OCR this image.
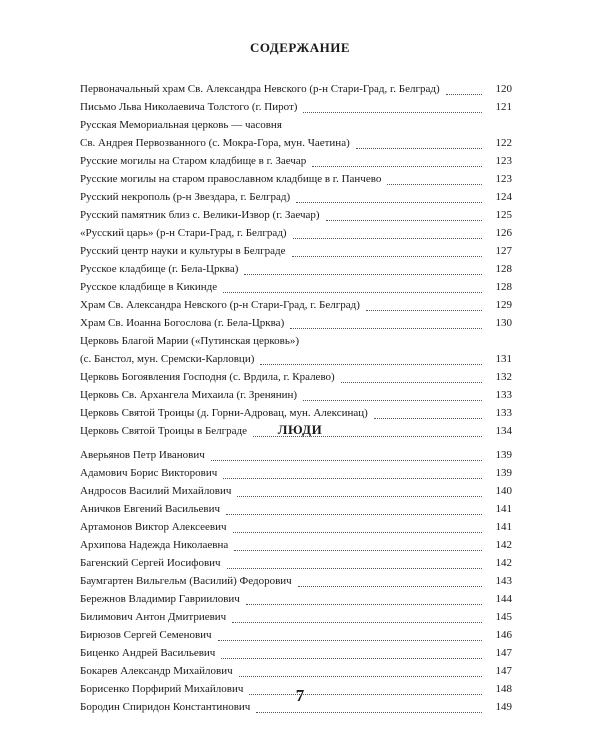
СОДЕРЖАНИЕ
Первоначальный храм Св. Александра Невского (р-н Стари-Град, г. Белград)	120
Письмо Льва Николаевича Толстого (г. Пирот)	121
Русская Мемориальная церковь — часовня
Св. Андрея Первозванного (с. Мокра-Гора, мун. Чаетина)	122
Русские могилы на Старом кладбище в г. Заечар	123
Русские могилы на старом православном кладбище в г. Панчево	123
Русский некрополь (р-н Звездара, г. Белград)	124
Русский памятник близ с. Велики-Извор (г. Заечар)	125
«Русский царь» (р-н Стари-Град, г. Белград)	126
Русский центр науки и культуры в Белграде	127
Русское кладбище (г. Бела-Црква)	128
Русское кладбище в Кикинде	128
Храм Св. Александра Невского (р-н Стари-Град, г. Белград)	129
Храм Св. Иоанна Богослова (г. Бела-Црква)	130
Церковь Благой Марии («Путинская церковь»)
(с. Банстол, мун. Сремски-Карловци)	131
Церковь Богоявления Господня (с. Врдила, г. Кралево)	132
Церковь Св. Архангела Михаила (г. Зренянин)	133
Церковь Святой Троицы (д. Горни-Адровац, мун. Алексинац)	133
Церковь Святой Троицы в Белграде	134
ЛЮДИ
Аверьянов Петр Иванович	139
Адамович Борис Викторович	139
Андросов Василий Михайлович	140
Аничков Евгений Васильевич	141
Артамонов Виктор Алексеевич	141
Архипова Надежда Николаевна	142
Багенский Сергей Иосифович	142
Баумгартен Вильгельм (Василий) Федорович	143
Бережнов Владимир Гавриилович	144
Билимович Антон Дмитриевич	145
Бирюзов Сергей Семенович	146
Биценко Андрей Васильевич	147
Бокарев Александр Михайлович	147
Борисенко Порфирий Михайлович	148
Бородин Спиридон Константинович	149
7
